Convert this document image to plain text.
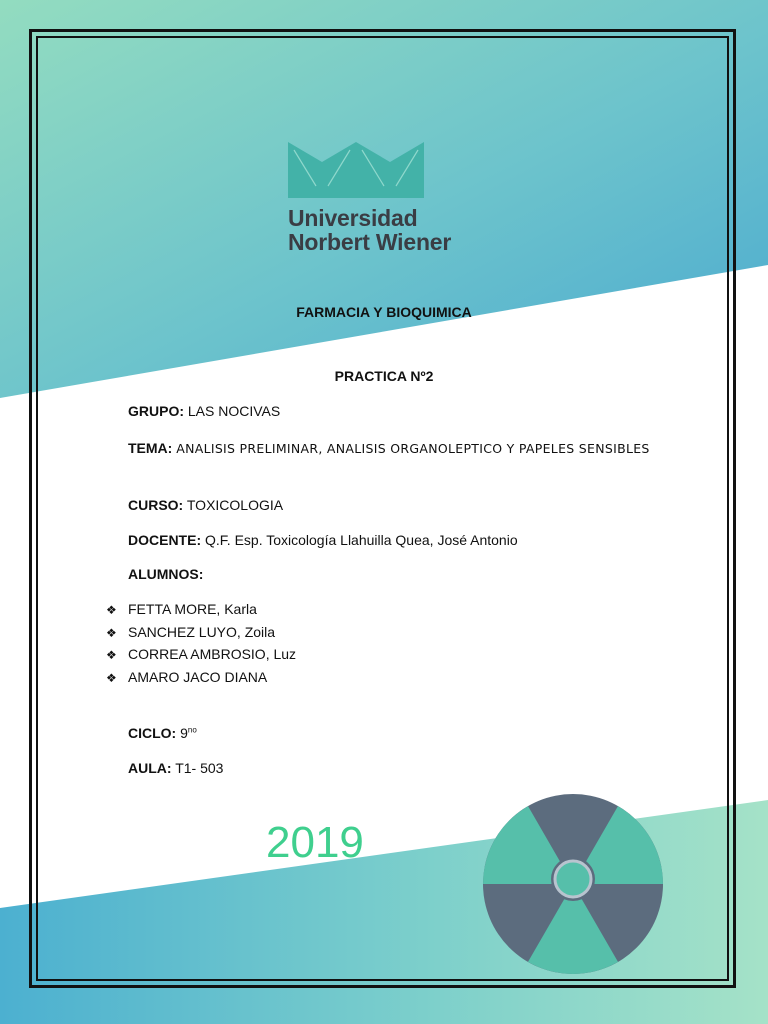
Universidad
Norbert Wiener
FARMACIA Y BIOQUIMICA
PRACTICA Nº2
GRUPO: LAS NOCIVAS
TEMA: ANALISIS PRELIMINAR, ANALISIS ORGANOLEPTICO Y PAPELES SENSIBLES
CURSO: TOXICOLOGIA
DOCENTE: Q.F. Esp. Toxicología Llahuilla Quea, José Antonio
ALUMNOS:
❖ FETTA MORE, Karla
❖ SANCHEZ LUYO, Zoila
❖ CORREA AMBROSIO, Luz
❖ AMARO JACO DIANA
CICLO: $9^{no}$
AULA: T1- 503
2019
